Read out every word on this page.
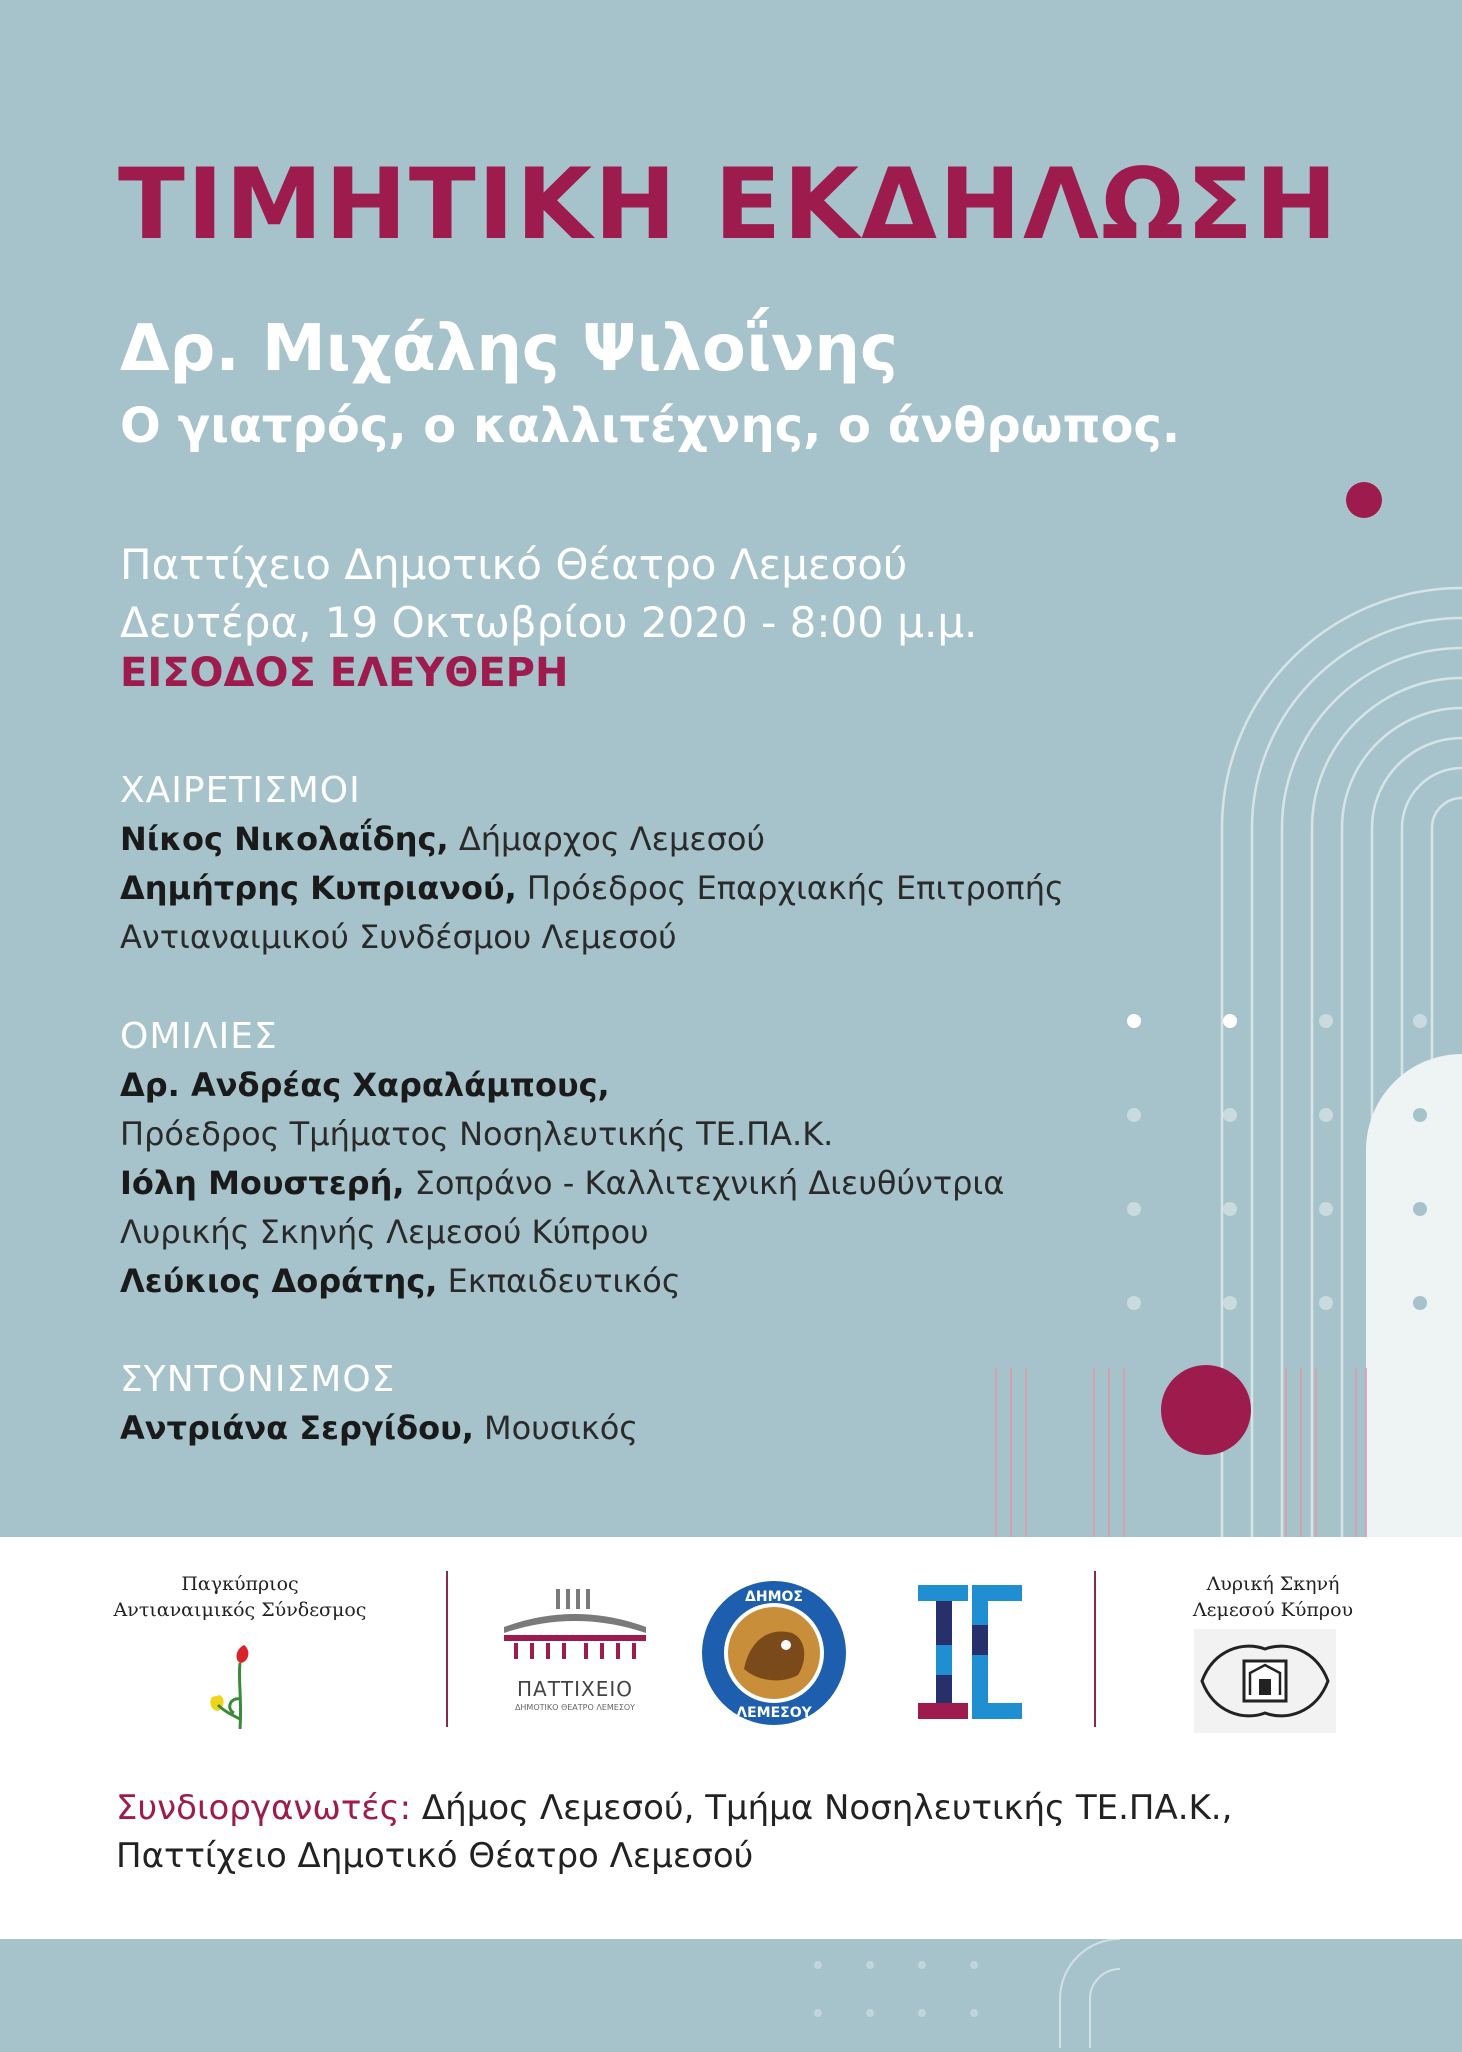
ΤΙΜΗΤΙΚΗ ΕΚΔΗΛΩΣΗ
Δρ. Μιχάλης Ψιλοΐνης
Ο γιατρός, ο καλλιτέχνης, ο άνθρωπος.
Παττίχειο Δημοτικό Θέατρο Λεμεσού
Δευτέρα, 19 Οκτωβρίου 2020 - 8:00 μ.μ.
ΕΙΣΟΔΟΣ ΕΛΕΥΘΕΡΗ
ΧΑΙΡΕΤΙΣΜΟΙ
Νίκος Νικολαΐδης, Δήμαρχος Λεμεσού
Δημήτρης Κυπριανού, Πρόεδρος Επαρχιακής Επιτροπής
Αντιαναιμικού Συνδέσμου Λεμεσού
ΟΜΙΛΙΕΣ
Δρ. Ανδρέας Χαραλάμπους,
Πρόεδρος Τμήματος Νοσηλευτικής ΤΕ.ΠΑ.Κ.
Ιόλη Μουστερή, Σοπράνο - Καλλιτεχνική Διευθύντρια
Λυρικής Σκηνής Λεμεσού Κύπρου
Λεύκιος Δοράτης, Εκπαιδευτικός
ΣΥΝΤΟΝΙΣΜΟΣ
Αντριάνα Σεργίδου, Μουσικός
Παγκύπριος
Αντιαναιμικός Σύνδεσμος
ΠΑΤΤΙΧΕΙΟ
ΔΗΜΟΤΙΚΟ ΘΕΑΤΡΟ ΛΕΜΕΣΟΥ
ΔΗΜΟΣ
ΛΕΜΕΣΟΥ
Λυρική Σκηνή
Λεμεσού Κύπρου
Συνδιοργανωτές: Δήμος Λεμεσού, Τμήμα Νοσηλευτικής ΤΕ.ΠΑ.Κ.,
Παττίχειο Δημοτικό Θέατρο Λεμεσού
